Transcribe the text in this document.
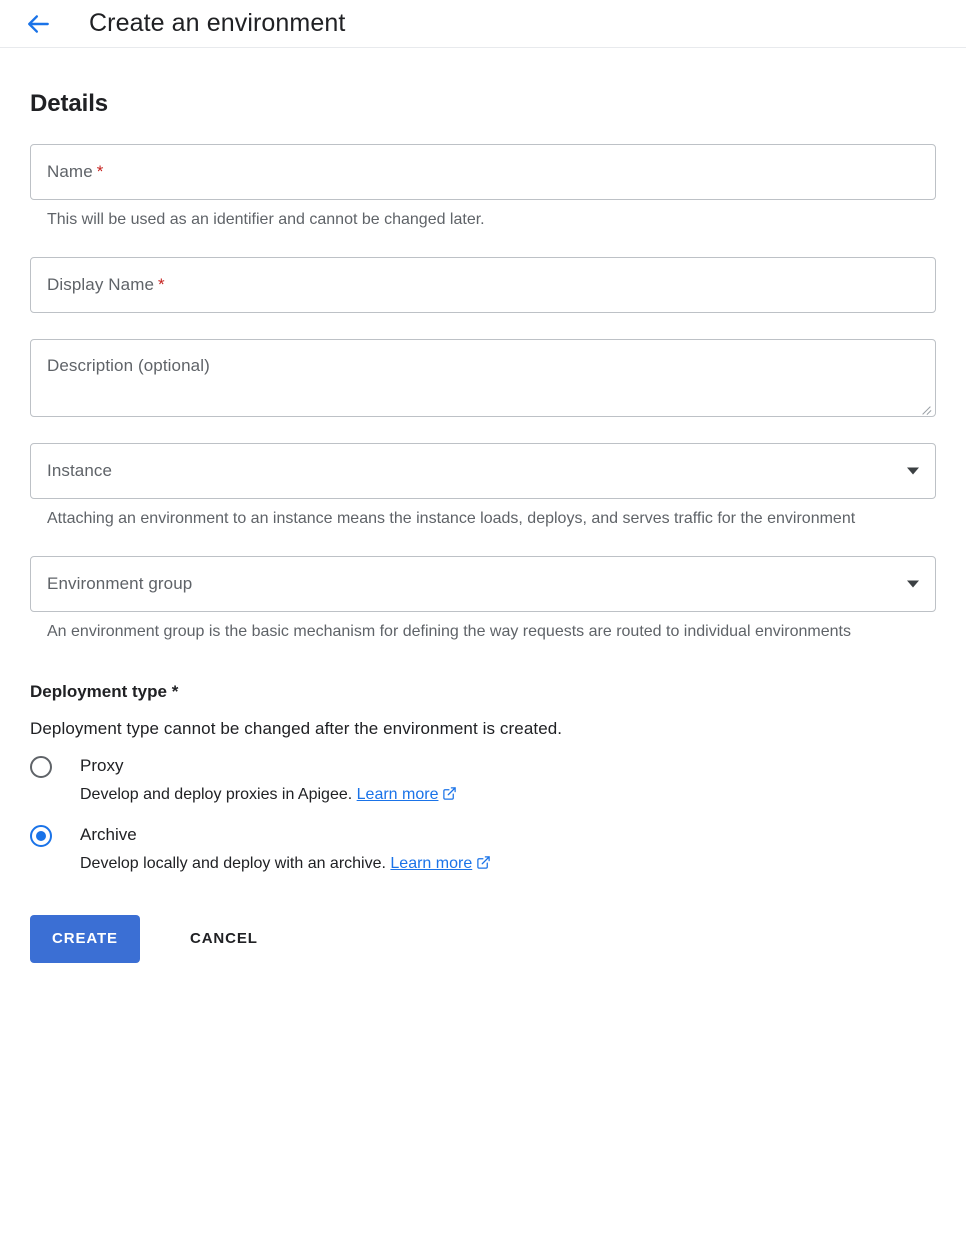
Create an environment
Details
Name *
This will be used as an identifier and cannot be changed later.
Display Name *
Description (optional)
Instance
Attaching an environment to an instance means the instance loads, deploys, and serves traffic for the environment
Environment group
An environment group is the basic mechanism for defining the way requests are routed to individual environments
Deployment type *
Deployment type cannot be changed after the environment is created.
Proxy
Develop and deploy proxies in Apigee. Learn more
Archive
Develop locally and deploy with an archive. Learn more
CREATE	CANCEL
